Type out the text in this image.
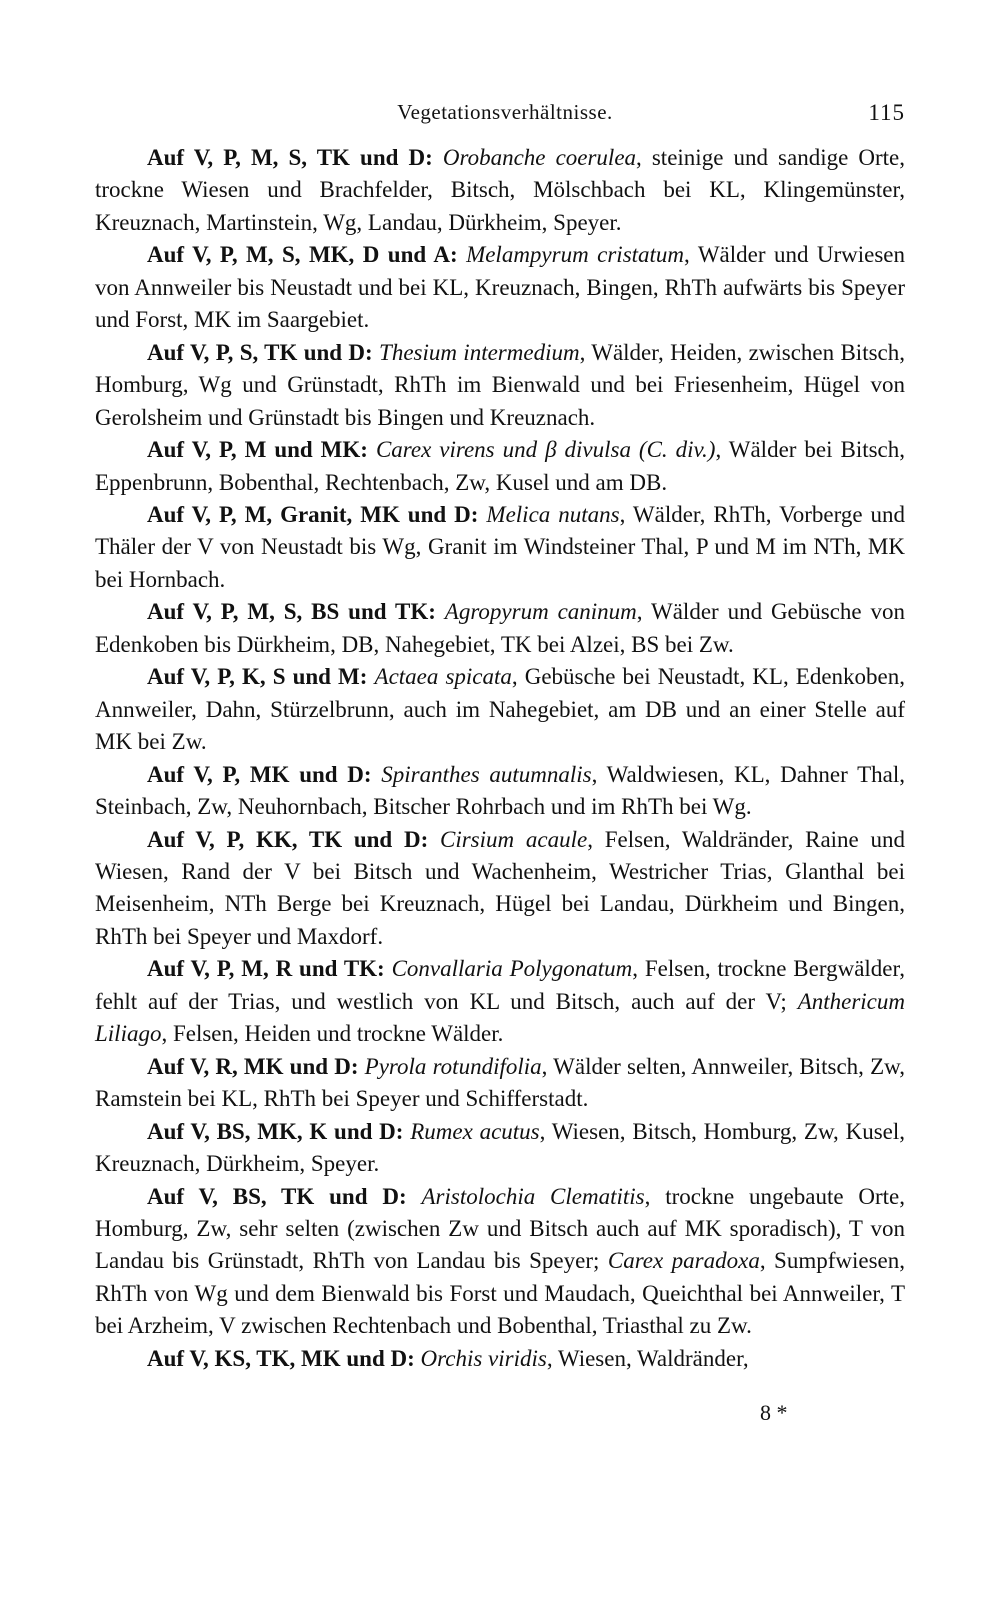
Vegetationsverhältnisse.	115

Auf V, P, M, S, TK und D: Orobanche coerulea, steinige und sandige Orte, trockne Wiesen und Brachfelder, Bitsch, Mölschbach bei KL, Klingemünster, Kreuznach, Martinstein, Wg, Landau, Dürkheim, Speyer.

Auf V, P, M, S, MK, D und A: Melampyrum cristatum, Wälder und Urwiesen von Annweiler bis Neustadt und bei KL, Kreuznach, Bingen, RhTh aufwärts bis Speyer und Forst, MK im Saargebiet.

Auf V, P, S, TK und D: Thesium intermedium, Wälder, Heiden, zwischen Bitsch, Homburg, Wg und Grünstadt, RhTh im Bienwald und bei Friesenheim, Hügel von Gerolsheim und Grünstadt bis Bingen und Kreuznach.

Auf V, P, M und MK: Carex virens und β divulsa (C. div.), Wälder bei Bitsch, Eppenbrunn, Bobenthal, Rechtenbach, Zw, Kusel und am DB.

Auf V, P, M, Granit, MK und D: Melica nutans, Wälder, RhTh, Vorberge und Thäler der V von Neustadt bis Wg, Granit im Windsteiner Thal, P und M im NTh, MK bei Hornbach.

Auf V, P, M, S, BS und TK: Agropyrum caninum, Wälder und Gebüsche von Edenkoben bis Dürkheim, DB, Nahegebiet, TK bei Alzei, BS bei Zw.

Auf V, P, K, S und M: Actaea spicata, Gebüsche bei Neustadt, KL, Edenkoben, Annweiler, Dahn, Stürzelbrunn, auch im Nahegebiet, am DB und an einer Stelle auf MK bei Zw.

Auf V, P, MK und D: Spiranthes autumnalis, Waldwiesen, KL, Dahner Thal, Steinbach, Zw, Neuhornbach, Bitscher Rohrbach und im RhTh bei Wg.

Auf V, P, KK, TK und D: Cirsium acaule, Felsen, Waldränder, Raine und Wiesen, Rand der V bei Bitsch und Wachenheim, Westricher Trias, Glanthal bei Meisenheim, NTh Berge bei Kreuznach, Hügel bei Landau, Dürkheim und Bingen, RhTh bei Speyer und Maxdorf.

Auf V, P, M, R und TK: Convallaria Polygonatum, Felsen, trockne Bergwälder, fehlt auf der Trias, und westlich von KL und Bitsch, auch auf der V; Anthericum Liliago, Felsen, Heiden und trockne Wälder.

Auf V, R, MK und D: Pyrola rotundifolia, Wälder selten, Annweiler, Bitsch, Zw, Ramstein bei KL, RhTh bei Speyer und Schifferstadt.

Auf V, BS, MK, K und D: Rumex acutus, Wiesen, Bitsch, Homburg, Zw, Kusel, Kreuznach, Dürkheim, Speyer.

Auf V, BS, TK und D: Aristolochia Clematitis, trockne ungebaute Orte, Homburg, Zw, sehr selten (zwischen Zw und Bitsch auch auf MK sporadisch), T von Landau bis Grünstadt, RhTh von Landau bis Speyer; Carex paradoxa, Sumpfwiesen, RhTh von Wg und dem Bienwald bis Forst und Maudach, Queichthal bei Annweiler, T bei Arzheim, V zwischen Rechtenbach und Bobenthal, Triasthal zu Zw.

Auf V, KS, TK, MK und D: Orchis viridis, Wiesen, Waldränder,

8 *
